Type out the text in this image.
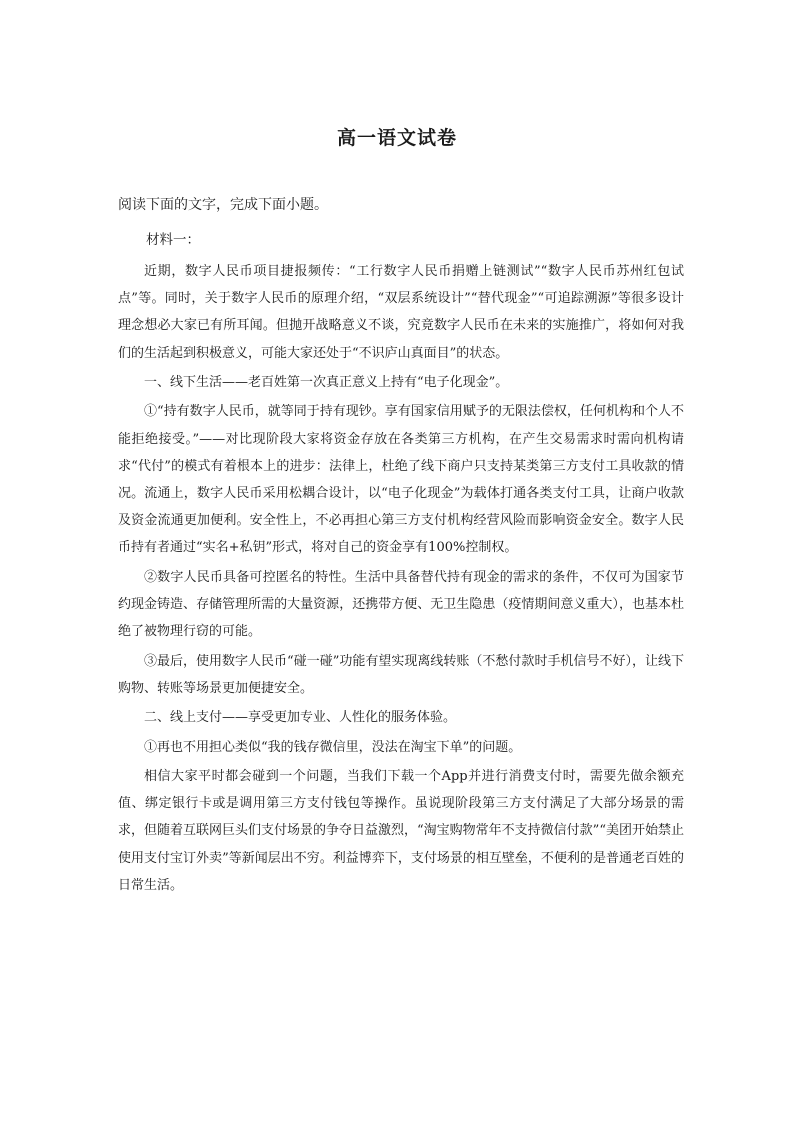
高一语文试卷
阅读下面的文字，完成下面小题。
材料一：

近期，数字人民币项目捷报频传：“工行数字人民币捐赠上链测试”“数字人民币苏州红包试点”等。同时，关于数字人民币的原理介绍，“双层系统设计”“替代现金”“可追踪溯源”等很多设计理念想必大家已有所耳闻。但抛开战略意义不谈，究竟数字人民币在未来的实施推广，将如何对我们的生活起到积极意义，可能大家还处于“不识庐山真面目”的状态。

一、线下生活——老百姓第一次真正意义上持有“电子化现金”。

①“持有数字人民币，就等同于持有现钞。享有国家信用赋予的无限法偿权，任何机构和个人不能拒绝接受。”——对比现阶段大家将资金存放在各类第三方机构，在产生交易需求时需向机构请求“代付”的模式有着根本上的进步：法律上，杜绝了线下商户只支持某类第三方支付工具收款的情况。流通上，数字人民币采用松耦合设计，以“电子化现金”为载体打通各类支付工具，让商户收款及资金流通更加便利。安全性上，不必再担心第三方支付机构经营风险而影响资金安全。数字人民币持有者通过“实名+私钥”形式，将对自己的资金享有100%控制权。

②数字人民币具备可控匿名的特性。生活中具备替代持有现金的需求的条件，不仅可为国家节约现金铸造、存储管理所需的大量资源，还携带方便、无卫生隐患（疫情期间意义重大），也基本杜绝了被物理行窃的可能。

③最后，使用数字人民币“碰一碰”功能有望实现离线转账（不愁付款时手机信号不好），让线下购物、转账等场景更加便捷安全。

二、线上支付——享受更加专业、人性化的服务体验。

①再也不用担心类似“我的钱存微信里，没法在淘宝下单”的问题。

相信大家平时都会碰到一个问题，当我们下载一个App并进行消费支付时，需要先做余额充值、绑定银行卡或是调用第三方支付钱包等操作。虽说现阶段第三方支付满足了大部分场景的需求，但随着互联网巨头们支付场景的争夺日益激烈，“淘宝购物常年不支持微信付款”“美团开始禁止使用支付宝订外卖”等新闻层出不穷。利益博弈下，支付场景的相互壁垒，不便利的是普通老百姓的日常生活。
